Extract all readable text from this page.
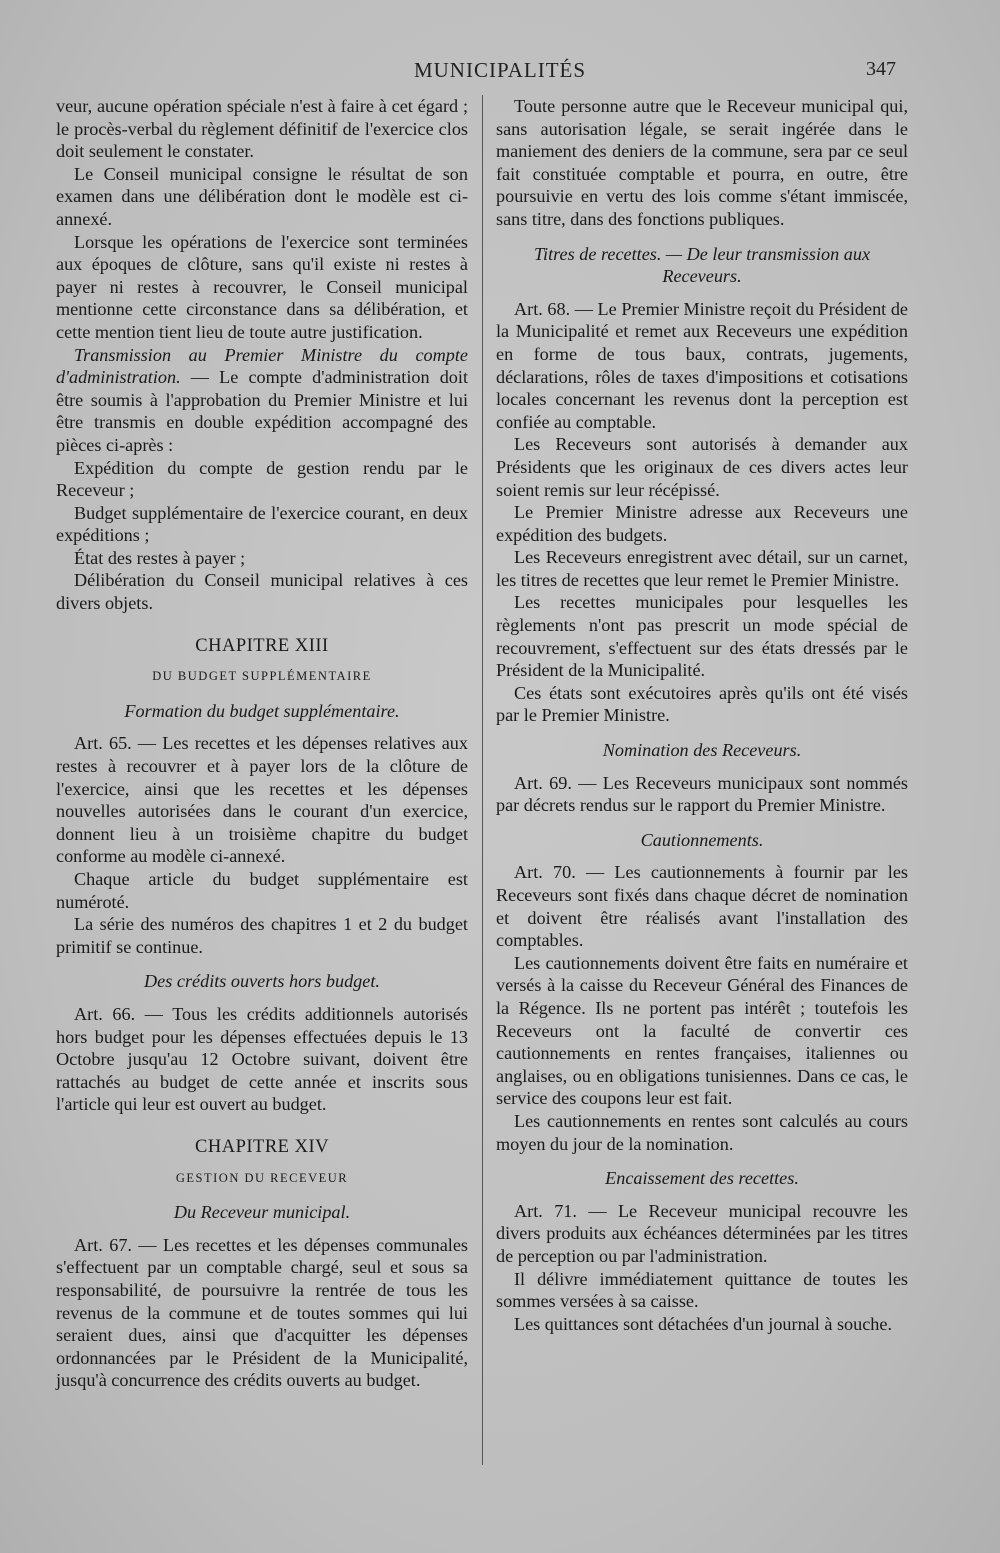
MUNICIPALITÉS	347

veur, aucune opération spéciale n'est à faire à cet égard ; le procès-verbal du règlement définitif de l'exercice clos doit seulement le constater.

Le Conseil municipal consigne le résultat de son examen dans une délibération dont le modèle est ci-annexé.

Lorsque les opérations de l'exercice sont terminées aux époques de clôture, sans qu'il existe ni restes à payer ni restes à recouvrer, le Conseil municipal mentionne cette circonstance dans sa délibération, et cette mention tient lieu de toute autre justification.

Transmission au Premier Ministre du compte d'administration. — Le compte d'administration doit être soumis à l'approbation du Premier Ministre et lui être transmis en double expédition accompagné des pièces ci-après :

Expédition du compte de gestion rendu par le Receveur ;

Budget supplémentaire de l'exercice courant, en deux expéditions ;

État des restes à payer ;

Délibération du Conseil municipal relatives à ces divers objets.

CHAPITRE XIII
DU BUDGET SUPPLÉMENTAIRE
Formation du budget supplémentaire.

Art. 65. — Les recettes et les dépenses relatives aux restes à recouvrer et à payer lors de la clôture de l'exercice, ainsi que les recettes et les dépenses nouvelles autorisées dans le courant d'un exercice, donnent lieu à un troisième chapitre du budget conforme au modèle ci-annexé.

Chaque article du budget supplémentaire est numéroté.

La série des numéros des chapitres 1 et 2 du budget primitif se continue.

Des crédits ouverts hors budget.

Art. 66. — Tous les crédits additionnels autorisés hors budget pour les dépenses effectuées depuis le 13 Octobre jusqu'au 12 Octobre suivant, doivent être rattachés au budget de cette année et inscrits sous l'article qui leur est ouvert au budget.

CHAPITRE XIV
GESTION DU RECEVEUR
Du Receveur municipal.

Art. 67. — Les recettes et les dépenses communales s'effectuent par un comptable chargé, seul et sous sa responsabilité, de poursuivre la rentrée de tous les revenus de la commune et de toutes sommes qui lui seraient dues, ainsi que d'acquitter les dépenses ordonnancées par le Président de la Municipalité, jusqu'à concurrence des crédits ouverts au budget.

Toute personne autre que le Receveur municipal qui, sans autorisation légale, se serait ingérée dans le maniement des deniers de la commune, sera par ce seul fait constituée comptable et pourra, en outre, être poursuivie en vertu des lois comme s'étant immiscée, sans titre, dans des fonctions publiques.

Titres de recettes. — De leur transmission aux Receveurs.

Art. 68. — Le Premier Ministre reçoit du Président de la Municipalité et remet aux Receveurs une expédition en forme de tous baux, contrats, jugements, déclarations, rôles de taxes d'impositions et cotisations locales concernant les revenus dont la perception est confiée au comptable.

Les Receveurs sont autorisés à demander aux Présidents que les originaux de ces divers actes leur soient remis sur leur récépissé.

Le Premier Ministre adresse aux Receveurs une expédition des budgets.

Les Receveurs enregistrent avec détail, sur un carnet, les titres de recettes que leur remet le Premier Ministre.

Les recettes municipales pour lesquelles les règlements n'ont pas prescrit un mode spécial de recouvrement, s'effectuent sur des états dressés par le Président de la Municipalité.

Ces états sont exécutoires après qu'ils ont été visés par le Premier Ministre.

Nomination des Receveurs.

Art. 69. — Les Receveurs municipaux sont nommés par décrets rendus sur le rapport du Premier Ministre.

Cautionnements.

Art. 70. — Les cautionnements à fournir par les Receveurs sont fixés dans chaque décret de nomination et doivent être réalisés avant l'installation des comptables.

Les cautionnements doivent être faits en numéraire et versés à la caisse du Receveur Général des Finances de la Régence. Ils ne portent pas intérêt ; toutefois les Receveurs ont la faculté de convertir ces cautionnements en rentes françaises, italiennes ou anglaises, ou en obligations tunisiennes. Dans ce cas, le service des coupons leur est fait.

Les cautionnements en rentes sont calculés au cours moyen du jour de la nomination.

Encaissement des recettes.

Art. 71. — Le Receveur municipal recouvre les divers produits aux échéances déterminées par les titres de perception ou par l'administration.

Il délivre immédiatement quittance de toutes les sommes versées à sa caisse.

Les quittances sont détachées d'un journal à souche.
